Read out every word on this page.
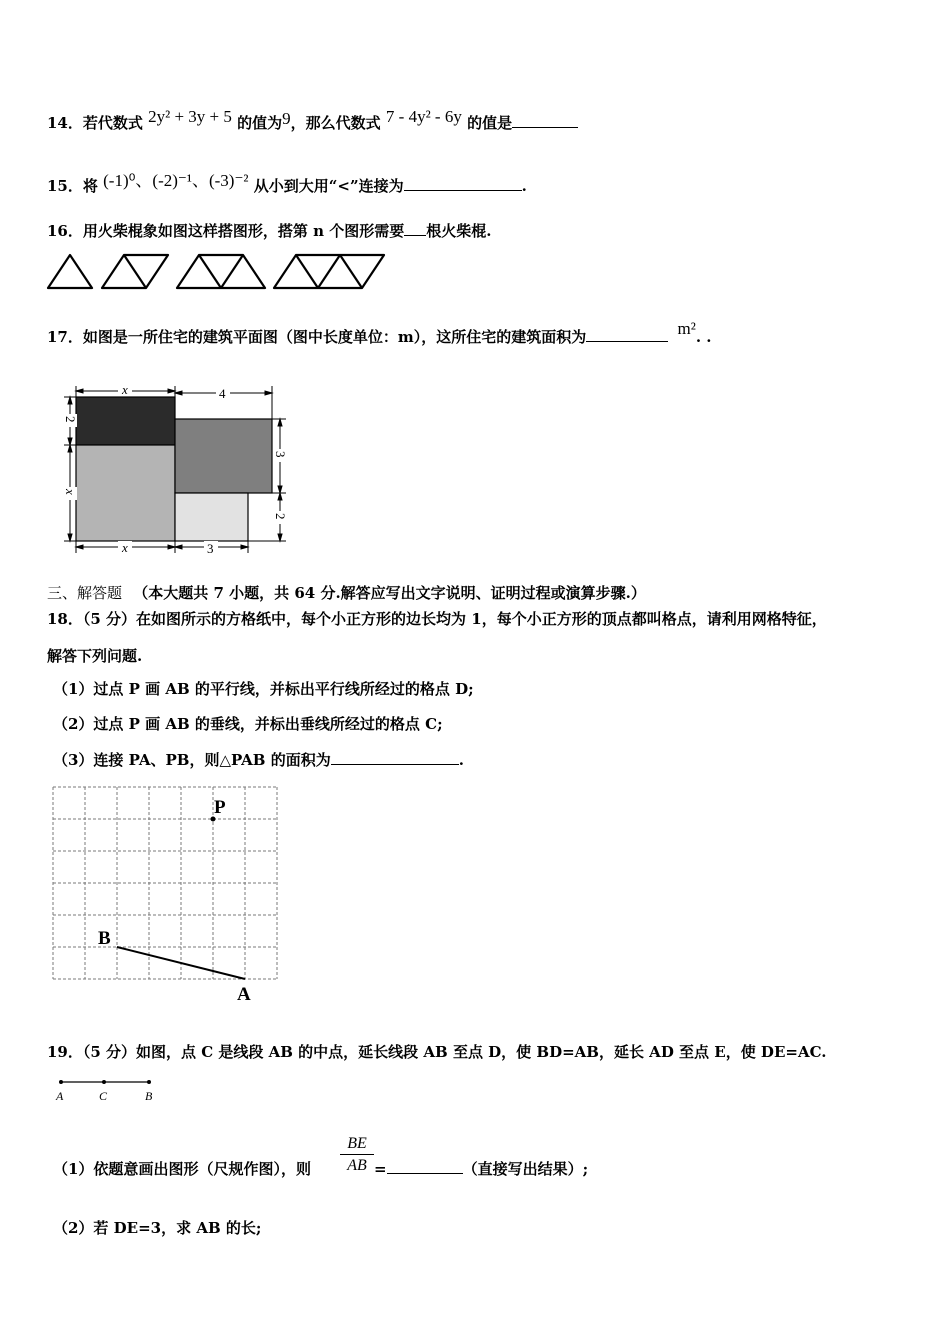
14．若代数式 2y² + 3y + 5 的值为9，那么代数式 7 - 4y² - 6y 的值是
15．将 (-1)⁰、(-2)⁻¹、(-3)⁻² 从小到大用“<”连接为	.
16．用火柴棍象如图这样搭图形，搭第 n 个图形需要 根火柴棍.
17．如图是一所住宅的建筑平面图（图中长度单位：m），这所住宅的建筑面积为	m². .
x	4
2
x
3
2
x	3
三、解答题 （本大题共 7 小题，共 64 分.解答应写出文字说明、证明过程或演算步骤.）
18．（5 分）在如图所示的方格纸中，每个小正方形的边长均为 1，每个小正方形的顶点都叫格点，请利用网格特征，
解答下列问题.
（1）过点 P 画 AB 的平行线，并标出平行线所经过的格点 D;
（2）过点 P 画 AB 的垂线，并标出垂线所经过的格点 C;
（3）连接 PA、PB，则△PAB 的面积为	.
P
B
A
19．（5 分）如图，点 C 是线段 AB 的中点，延长线段 AB 至点 D，使 BD=AB，延长 AD 至点 E，使 DE=AC.
A	C	B
（1）依题意画出图形（尺规作图），则 $\frac{BE}{AB}$ =	（直接写出结果）;
（2）若 DE=3，求 AB 的长;
